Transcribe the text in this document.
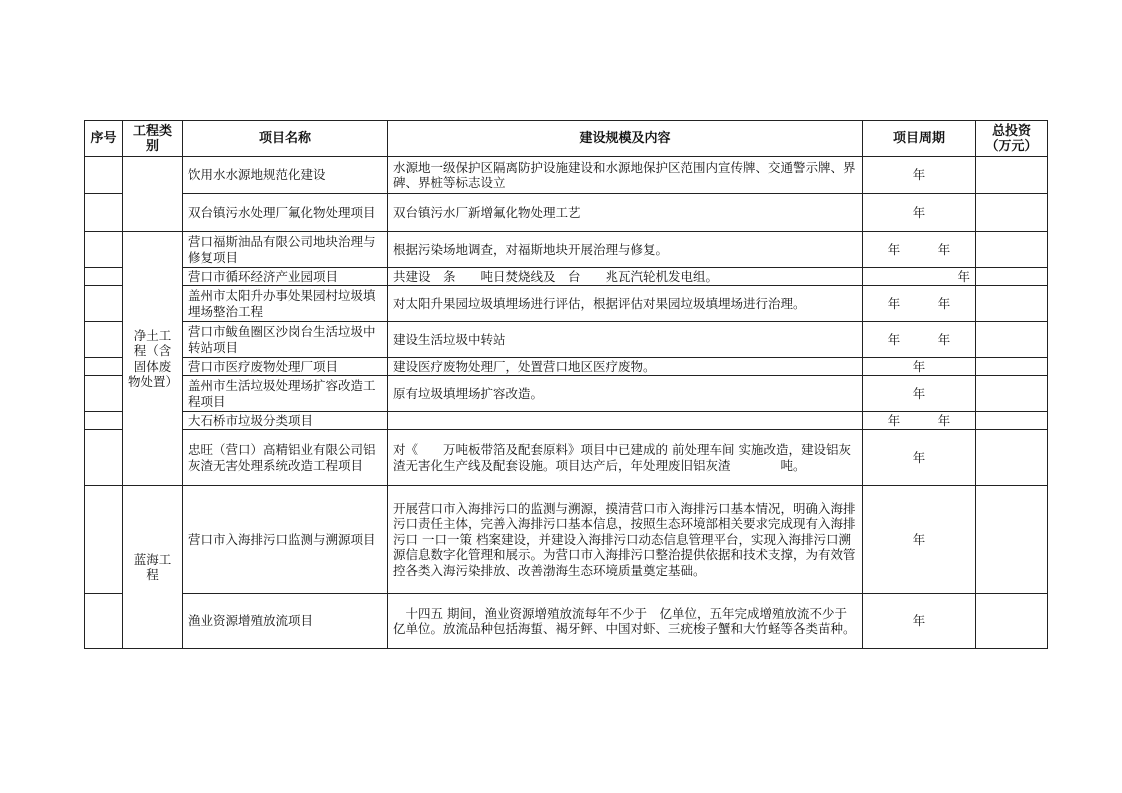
序号	工程类别	项目名称	建设规模及内容	项目周期	总投资（万元）
		饮用水水源地规范化建设	水源地一级保护区隔离防护设施建设和水源地保护区范围内宣传牌、交通警示牌、界碑、界桩等标志设立	年	
		双台镇污水处理厂氟化物处理项目	双台镇污水厂新增氟化物处理工艺	年	
	净土工程（含固体废物处置）	营口福斯油品有限公司地块治理与修复项目	根据污染场地调查，对福斯地块开展治理与修复。	年　　　年	
		营口市循环经济产业园项目	共建设　条　　吨日焚烧线及　台　　兆瓦汽轮机发电组。	年	
		盖州市太阳升办事处果园村垃圾填埋场整治工程	对太阳升果园垃圾填埋场进行评估，根据评估对果园垃圾填埋场进行治理。	年　　　年	
		营口市鲅鱼圈区沙岗台生活垃圾中转站项目	建设生活垃圾中转站	年　　　年	
		营口市医疗废物处理厂项目	建设医疗废物处理厂，处置营口地区医疗废物。	年	
		盖州市生活垃圾处理场扩容改造工程项目	原有垃圾填埋场扩容改造。	年	
		大石桥市垃圾分类项目		年　　　年	
		忠旺（营口）高精铝业有限公司铝灰渣无害处理系统改造工程项目	对《　　万吨板带箔及配套原料》项目中已建成的 前处理车间 实施改造，建设铝灰渣无害化生产线及配套设施。项目达产后，年处理废旧铝灰渣　　　　吨。	年	
	蓝海工程	营口市入海排污口监测与溯源项目	开展营口市入海排污口的监测与溯源，摸清营口市入海排污口基本情况，明确入海排污口责任主体，完善入海排污口基本信息，按照生态环境部相关要求完成现有入海排污口 一口一策 档案建设，并建设入海排污口动态信息管理平台，实现入海排污口溯源信息数字化管理和展示。为营口市入海排污口整治提供依据和技术支撑，为有效管控各类入海污染排放、改善渤海生态环境质量奠定基础。	年	
		渔业资源增殖放流项目	　十四五 期间，渔业资源增殖放流每年不少于　亿单位，五年完成增殖放流不少于　亿单位。放流品种包括海蜇、褐牙鲆、中国对虾、三疣梭子蟹和大竹蛏等各类苗种。	年	
